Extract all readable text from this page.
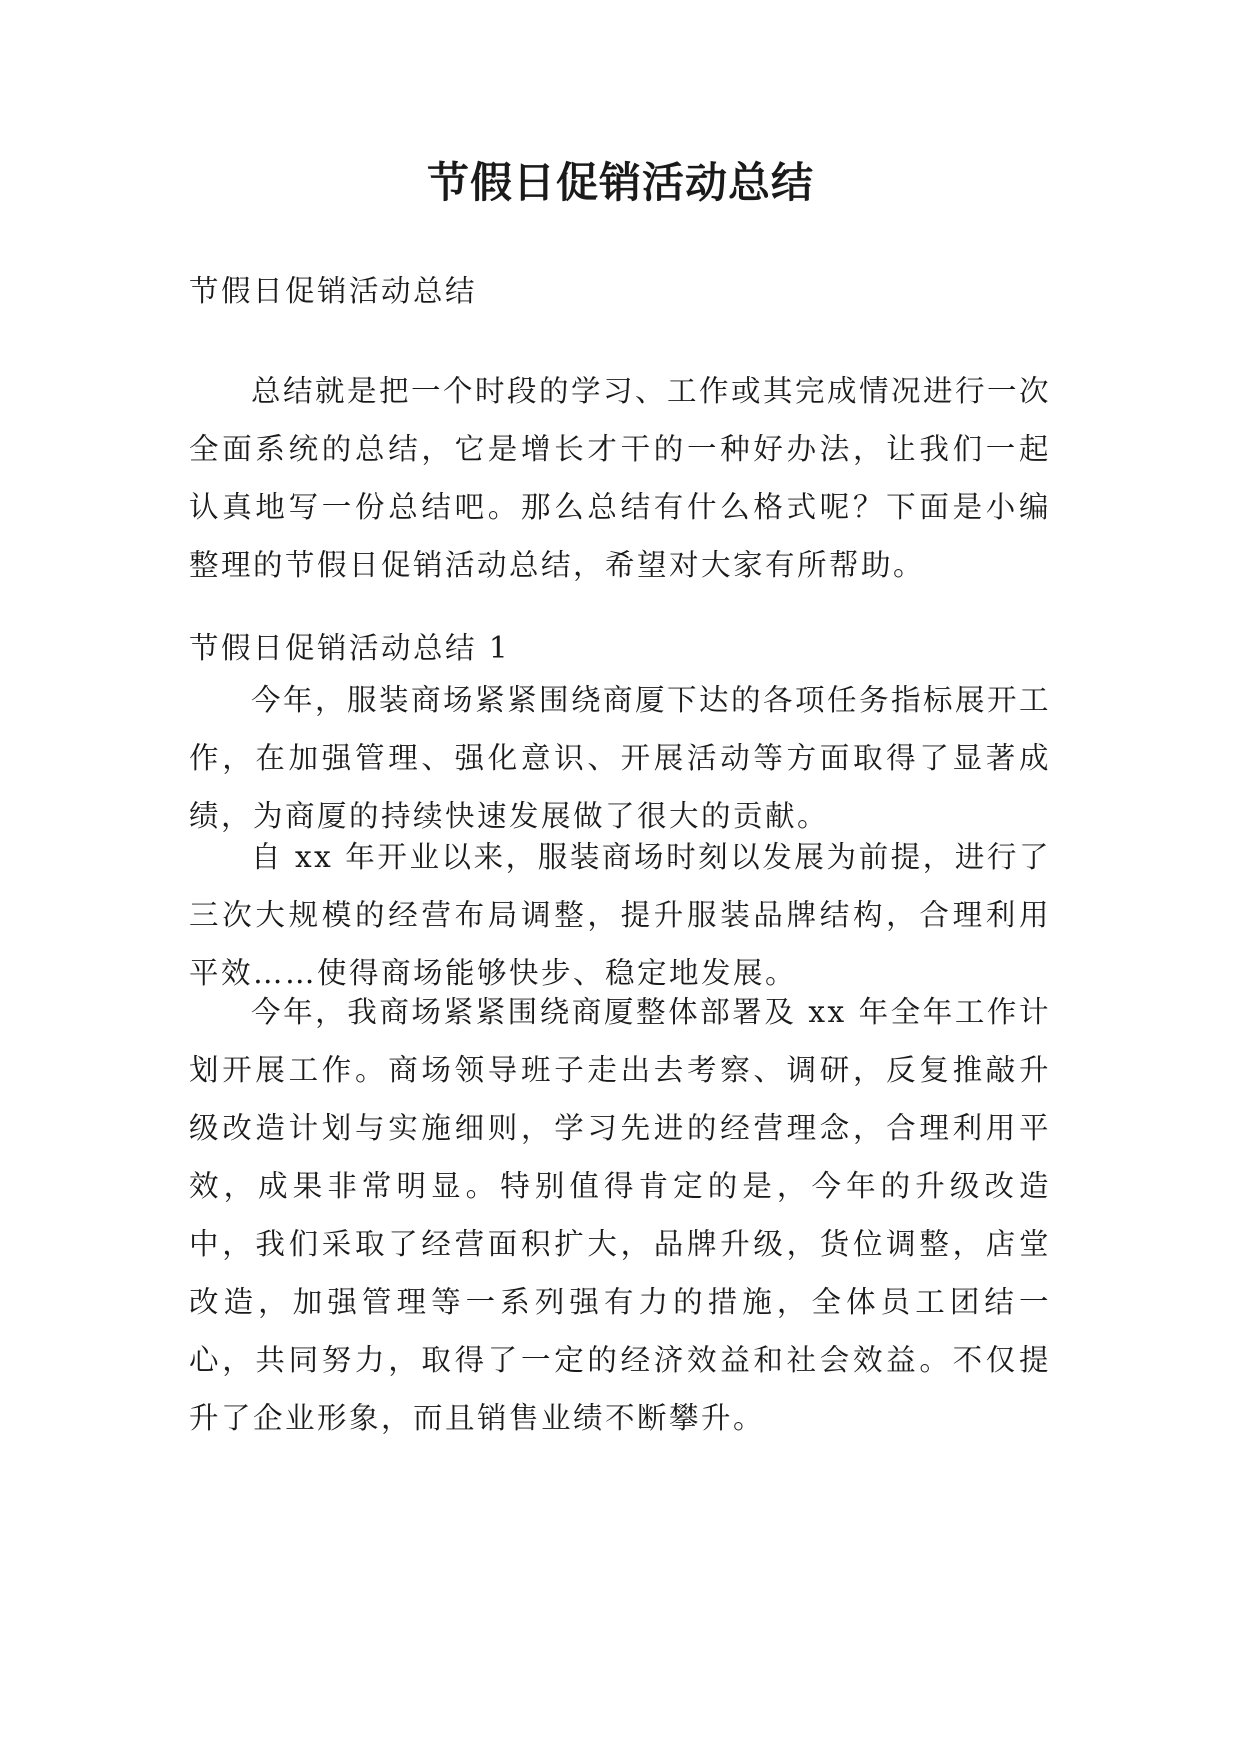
节假日促销活动总结

节假日促销活动总结

总结就是把一个时段的学习、工作或其完成情况进行一次全面系统的总结，它是增长才干的一种好办法，让我们一起认真地写一份总结吧。那么总结有什么格式呢？下面是小编整理的节假日促销活动总结，希望对大家有所帮助。

节假日促销活动总结 1

今年，服装商场紧紧围绕商厦下达的各项任务指标展开工作，在加强管理、强化意识、开展活动等方面取得了显著成绩，为商厦的持续快速发展做了很大的贡献。

自 xx 年开业以来，服装商场时刻以发展为前提，进行了三次大规模的经营布局调整，提升服装品牌结构，合理利用平效……使得商场能够快步、稳定地发展。

今年，我商场紧紧围绕商厦整体部署及 xx 年全年工作计划开展工作。商场领导班子走出去考察、调研，反复推敲升级改造计划与实施细则，学习先进的经营理念，合理利用平效，成果非常明显。特别值得肯定的是，今年的升级改造中，我们采取了经营面积扩大，品牌升级，货位调整，店堂改造，加强管理等一系列强有力的措施，全体员工团结一心，共同努力，取得了一定的经济效益和社会效益。不仅提升了企业形象，而且销售业绩不断攀升。
